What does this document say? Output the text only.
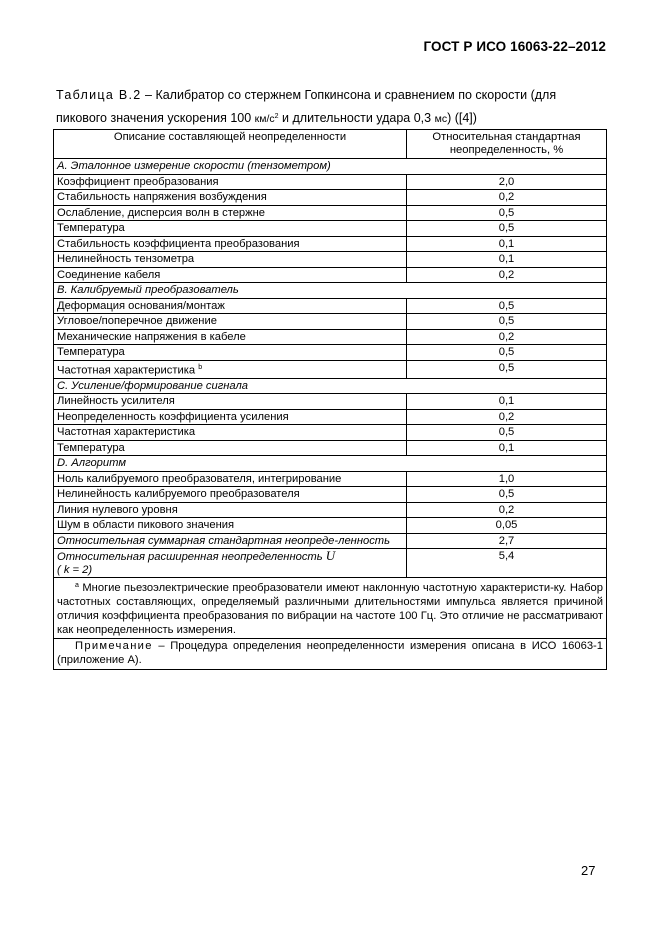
ГОСТ Р ИСО 16063-22–2012
Таблица В.2 – Калибратор со стержнем Гопкинсона и сравнением по скорости (для пикового значения ускорения 100 $км/с^2$ и длительности удара 0,3 мс) ([4])
Описание составляющей неопределенности	Относительная стандартная неопределенность, %
A. Эталонное измерение скорости (тензометром)	
Коэффициент преобразования	2,0
Стабильность напряжения возбуждения	0,2
Ослабление, дисперсия волн в стержне	0,5
Температура	0,5
Стабильность коэффициента преобразования	0,1
Нелинейность тензометра	0,1
Соединение кабеля	0,2
B. Калибруемый преобразователь	
Деформация основания/монтаж	0,5
Угловое/поперечное движение	0,5
Механические напряжения в кабеле	0,2
Температура	0,5
Частотная характеристика $^b$	0,5
C. Усиление/формирование сигнала	
Линейность усилителя	0,1
Неопределенность коэффициента усиления	0,2
Частотная характеристика	0,5
Температура	0,1
D. Алгоритм	
Ноль калибруемого преобразователя, интегрирование	1,0
Нелинейность калибруемого преобразователя	0,5
Линия нулевого уровня	0,2
Шум в области пикового значения	0,05
Относительная суммарная стандартная неопреде-ленность	2,7
Относительная расширенная неопределенность U
( k = 2)	5,4
$^a$ Многие пьезоэлектрические преобразователи имеют наклонную частотную характеристи-ку. Набор частотных составляющих, определяемый различными длительностями импульса является причиной отличия коэффициента преобразования по вибрации на частоте 100 Гц. Это отличие не рассматривают как неопределенность измерения.	
Примечание – Процедура определения неопределенности измерения описана в ИСО 16063-1 (приложение А).	
27
